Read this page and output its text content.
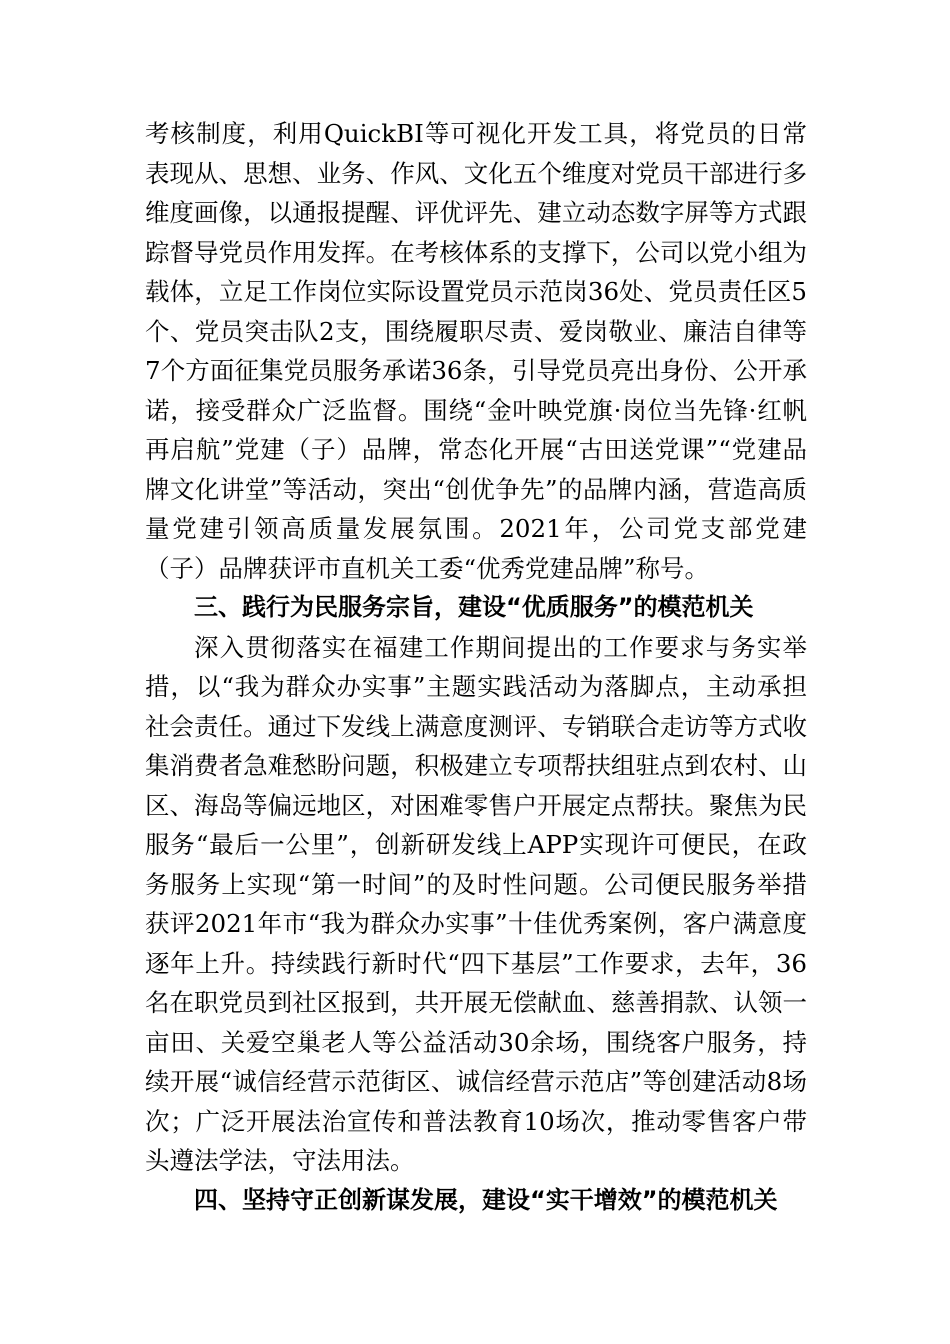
考核制度，利用QuickBI等可视化开发工具，将党员的日常表现从、思想、业务、作风、文化五个维度对党员干部进行多维度画像，以通报提醒、评优评先、建立动态数字屏等方式跟踪督导党员作用发挥。在考核体系的支撑下，公司以党小组为载体，立足工作岗位实际设置党员示范岗36处、党员责任区5个、党员突击队2支，围绕履职尽责、爱岗敬业、廉洁自律等7个方面征集党员服务承诺36条，引导党员亮出身份、公开承诺，接受群众广泛监督。围绕“金叶映党旗·岗位当先锋·红帆再启航”党建（子）品牌，常态化开展“古田送党课”“党建品牌文化讲堂”等活动，突出“创优争先”的品牌内涵，营造高质量党建引领高质量发展氛围。2021年，公司党支部党建（子）品牌获评市直机关工委“优秀党建品牌”称号。

三、践行为民服务宗旨，建设“优质服务”的模范机关

深入贯彻落实在福建工作期间提出的工作要求与务实举措，以“我为群众办实事”主题实践活动为落脚点，主动承担社会责任。通过下发线上满意度测评、专销联合走访等方式收集消费者急难愁盼问题，积极建立专项帮扶组驻点到农村、山区、海岛等偏远地区，对困难零售户开展定点帮扶。聚焦为民服务“最后一公里”，创新研发线上APP实现许可便民，在政务服务上实现“第一时间”的及时性问题。公司便民服务举措获评2021年市“我为群众办实事”十佳优秀案例，客户满意度逐年上升。持续践行新时代“四下基层”工作要求，去年，36名在职党员到社区报到，共开展无偿献血、慈善捐款、认领一亩田、关爱空巢老人等公益活动30余场，围绕客户服务，持续开展“诚信经营示范街区、诚信经营示范店”等创建活动8场次；广泛开展法治宣传和普法教育10场次，推动零售客户带头遵法学法，守法用法。

四、坚持守正创新谋发展，建设“实干增效”的模范机关
